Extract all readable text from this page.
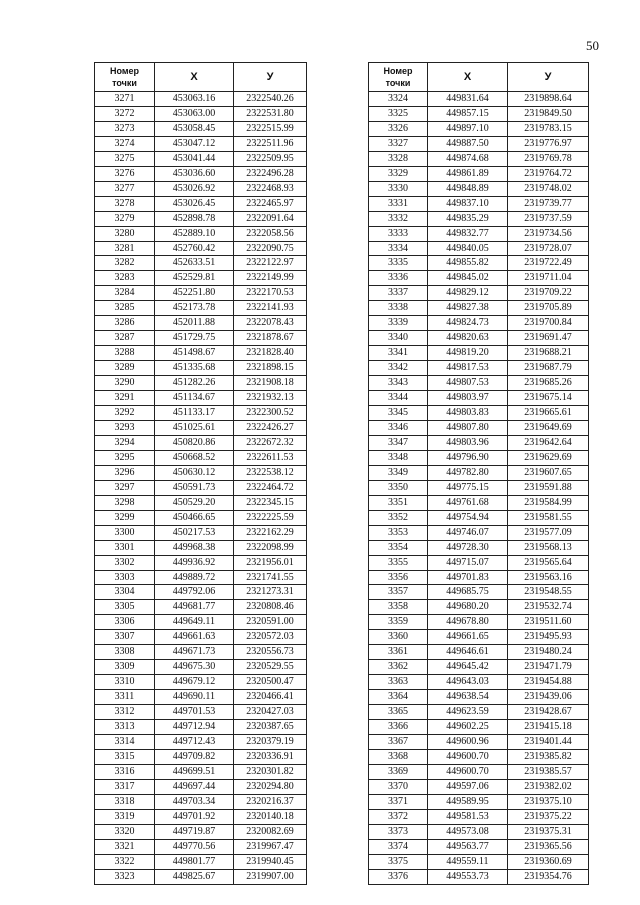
50
Номер
точки	Х	У
3271	453063.16	2322540.26
3272	453063.00	2322531.80
3273	453058.45	2322515.99
3274	453047.12	2322511.96
3275	453041.44	2322509.95
3276	453036.60	2322496.28
3277	453026.92	2322468.93
3278	453026.45	2322465.97
3279	452898.78	2322091.64
3280	452889.10	2322058.56
3281	452760.42	2322090.75
3282	452633.51	2322122.97
3283	452529.81	2322149.99
3284	452251.80	2322170.53
3285	452173.78	2322141.93
3286	452011.88	2322078.43
3287	451729.75	2321878.67
3288	451498.67	2321828.40
3289	451335.68	2321898.15
3290	451282.26	2321908.18
3291	451134.67	2321932.13
3292	451133.17	2322300.52
3293	451025.61	2322426.27
3294	450820.86	2322672.32
3295	450668.52	2322611.53
3296	450630.12	2322538.12
3297	450591.73	2322464.72
3298	450529.20	2322345.15
3299	450466.65	2322225.59
3300	450217.53	2322162.29
3301	449968.38	2322098.99
3302	449936.92	2321956.01
3303	449889.72	2321741.55
3304	449792.06	2321273.31
3305	449681.77	2320808.46
3306	449649.11	2320591.00
3307	449661.63	2320572.03
3308	449671.73	2320556.73
3309	449675.30	2320529.55
3310	449679.12	2320500.47
3311	449690.11	2320466.41
3312	449701.53	2320427.03
3313	449712.94	2320387.65
3314	449712.43	2320379.19
3315	449709.82	2320336.91
3316	449699.51	2320301.82
3317	449697.44	2320294.80
3318	449703.34	2320216.37
3319	449701.92	2320140.18
3320	449719.87	2320082.69
3321	449770.56	2319967.47
3322	449801.77	2319940.45
3323	449825.67	2319907.00
Номер
точки	Х	У
3324	449831.64	2319898.64
3325	449857.15	2319849.50
3326	449897.10	2319783.15
3327	449887.50	2319776.97
3328	449874.68	2319769.78
3329	449861.89	2319764.72
3330	449848.89	2319748.02
3331	449837.10	2319739.77
3332	449835.29	2319737.59
3333	449832.77	2319734.56
3334	449840.05	2319728.07
3335	449855.82	2319722.49
3336	449845.02	2319711.04
3337	449829.12	2319709.22
3338	449827.38	2319705.89
3339	449824.73	2319700.84
3340	449820.63	2319691.47
3341	449819.20	2319688.21
3342	449817.53	2319687.79
3343	449807.53	2319685.26
3344	449803.97	2319675.14
3345	449803.83	2319665.61
3346	449807.80	2319649.69
3347	449803.96	2319642.64
3348	449796.90	2319629.69
3349	449782.80	2319607.65
3350	449775.15	2319591.88
3351	449761.68	2319584.99
3352	449754.94	2319581.55
3353	449746.07	2319577.09
3354	449728.30	2319568.13
3355	449715.07	2319565.64
3356	449701.83	2319563.16
3357	449685.75	2319548.55
3358	449680.20	2319532.74
3359	449678.80	2319511.60
3360	449661.65	2319495.93
3361	449646.61	2319480.24
3362	449645.42	2319471.79
3363	449643.03	2319454.88
3364	449638.54	2319439.06
3365	449623.59	2319428.67
3366	449602.25	2319415.18
3367	449600.96	2319401.44
3368	449600.70	2319385.82
3369	449600.70	2319385.57
3370	449597.06	2319382.02
3371	449589.95	2319375.10
3372	449581.53	2319375.22
3373	449573.08	2319375.31
3374	449563.77	2319365.56
3375	449559.11	2319360.69
3376	449553.73	2319354.76
